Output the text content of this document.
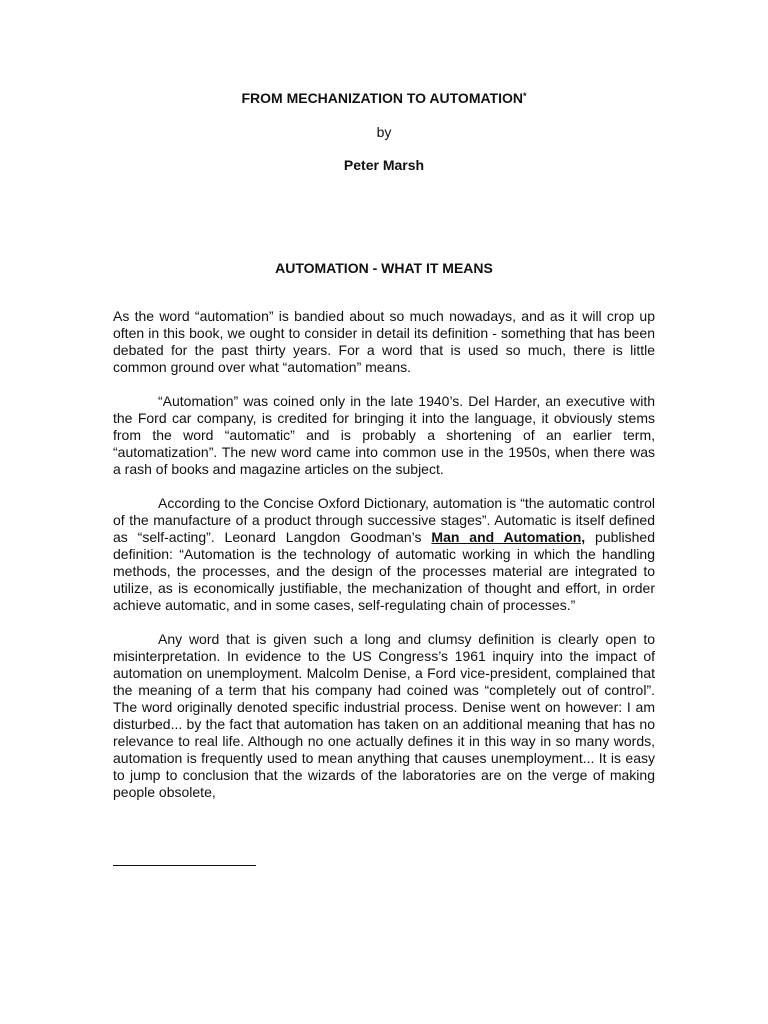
FROM MECHANIZATION TO AUTOMATION*
by
Peter Marsh
AUTOMATION - WHAT IT MEANS

As the word “automation” is bandied about so much nowadays, and as it will crop up often in this book, we ought to consider in detail its definition - something that has been debated for the past thirty years. For a word that is used so much, there is little common ground over what “automation” means.

“Automation” was coined only in the late 1940’s. Del Harder, an executive with the Ford car company, is credited for bringing it into the language, it obviously stems from the word “automatic” and is probably a shortening of an earlier term, “automatization”. The new word came into common use in the 1950s, when there was a rash of books and magazine articles on the subject.

According to the Concise Oxford Dictionary, automation is “the automatic control of the manufacture of a product through successive stages”. Automatic is itself defined as “self-acting”. Leonard Langdon Goodman’s Man and Automation, published definition: “Automation is the technology of automatic working in which the handling methods, the processes, and the design of the processes material are integrated to utilize, as is economically justifiable, the mechanization of thought and effort, in order achieve automatic, and in some cases, self-regulating chain of processes.”

Any word that is given such a long and clumsy definition is clearly open to misinterpretation. In evidence to the US Congress’s 1961 inquiry into the impact of automation on unemployment. Malcolm Denise, a Ford vice-president, complained that the meaning of a term that his company had coined was “completely out of control”. The word originally denoted specific industrial process. Denise went on however: I am disturbed... by the fact that automation has taken on an additional meaning that has no relevance to real life. Although no one actually defines it in this way in so many words, automation is frequently used to mean anything that causes unemployment... It is easy to jump to conclusion that the wizards of the laboratories are on the verge of making people obsolete,
